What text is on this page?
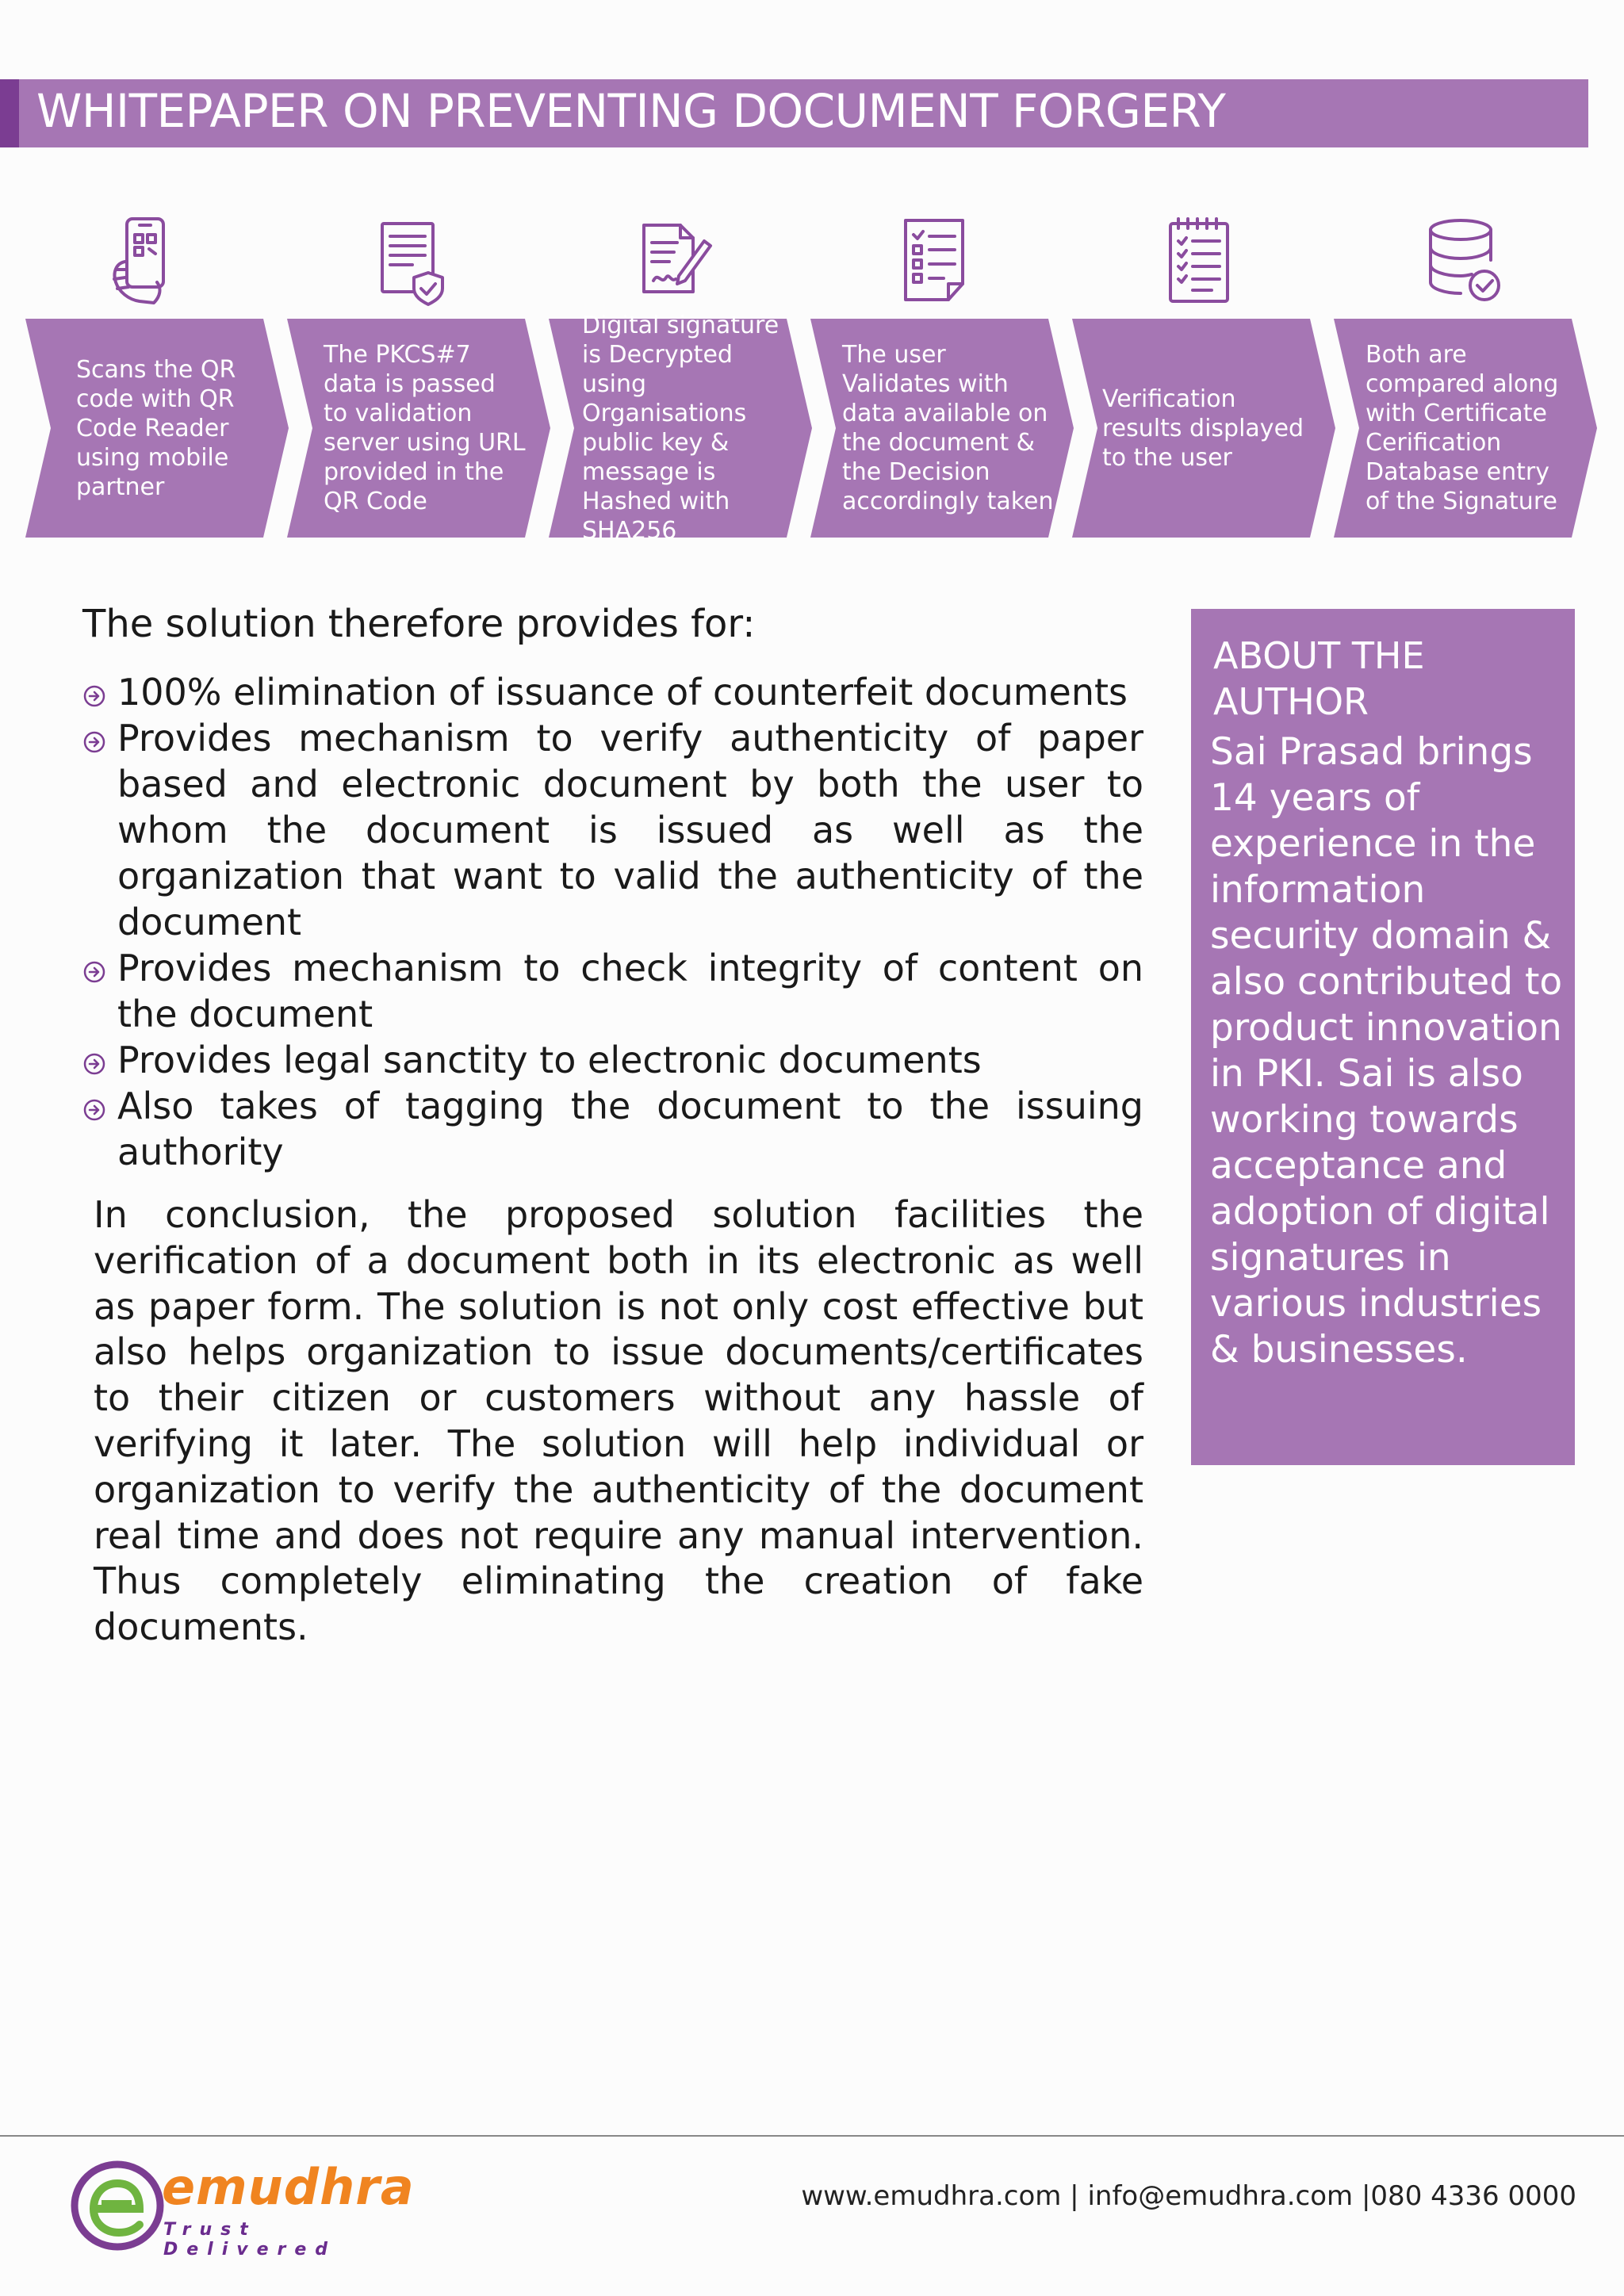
WHITEPAPER ON PREVENTING DOCUMENT FORGERY
Scans the QR code with QR Code Reader using mobile partner
The PKCS#7 data is passed to validation server using URL provided in the QR Code
Digital signature is Decrypted using Organisations public key & message is Hashed with SHA256
The user Validates with data available on the document & the Decision accordingly taken
Verification results displayed to the user
Both are compared along with Certificate Cerification Database entry of the Signature

The solution therefore provides for:

100% elimination of issuance of counterfeit documents
Provides mechanism to verify authenticity of paper based and electronic document by both the user to whom the document is issued as well as the organization that want to valid the authenticity of the document
Provides mechanism to check integrity of content on the document
Provides legal sanctity to electronic documents
Also takes of tagging the document to the issuing authority

In conclusion, the proposed solution facilities the verification of a document both in its electronic as well as paper form. The solution is not only cost effective but also helps organization to issue documents/certificates to their citizen or customers without any hassle of verifying it later. The solution will help individual or organization to verify the authenticity of the document real time and does not require any manual intervention. Thus completely eliminating the creation of fake documents.

ABOUT THE AUTHOR
Sai Prasad brings 14 years of experience in the information security domain & also contributed to product innovation in PKI. Sai is also working towards acceptance and adoption of digital signatures in various industries & businesses.
emudhra
Trust Delivered
www.emudhra.com | info@emudhra.com |080 4336 0000
